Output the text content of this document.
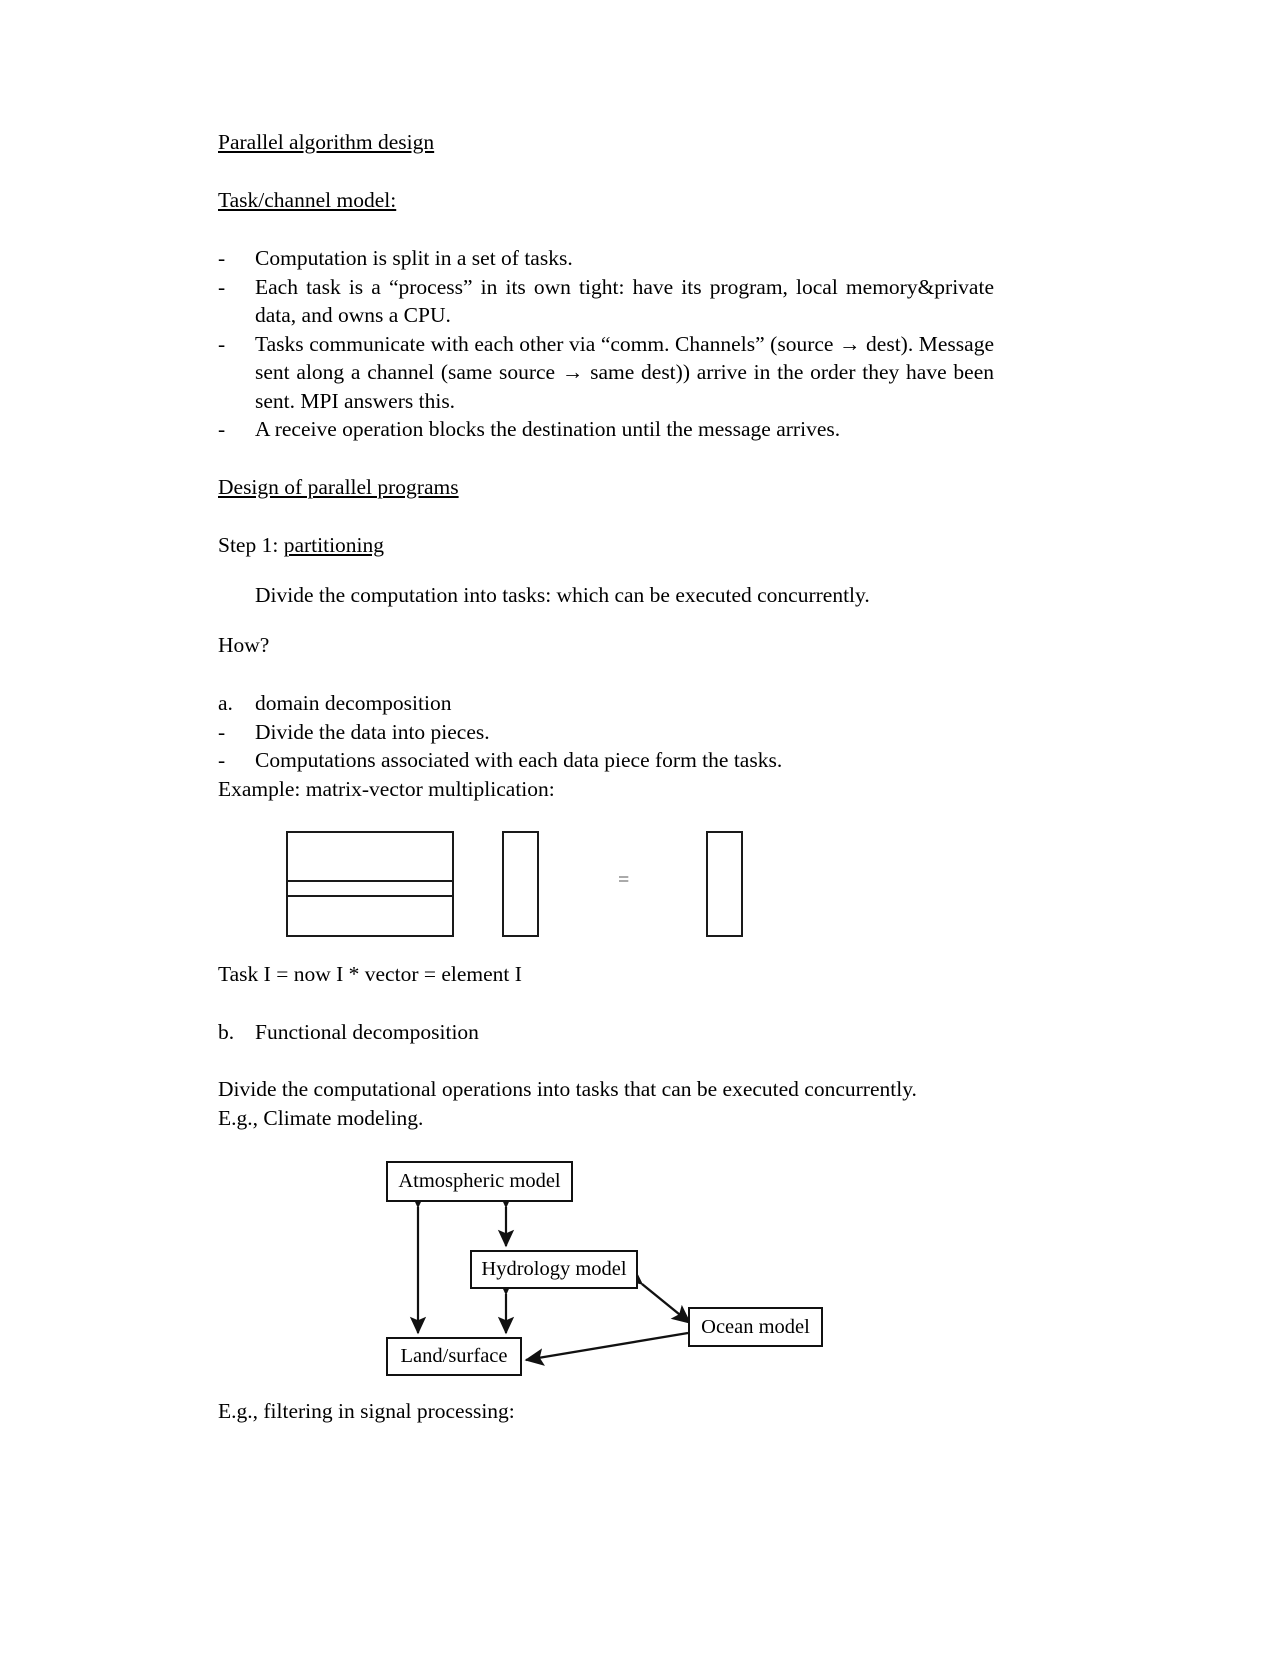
Parallel algorithm design
Task/channel model:
- Computation is split in a set of tasks.
- Each task is a “process” in its own tight: have its program, local memory&private data, and owns a CPU.
- Tasks communicate with each other via “comm. Channels” (source → dest). Message sent along a channel (same source → same dest)) arrive in the order they have been sent. MPI answers this.
- A receive operation blocks the destination until the message arrives.
Design of parallel programs

Step 1: partitioning

Divide the computation into tasks: which can be executed concurrently.

How?

a. domain decomposition
- Divide the data into pieces.
- Computations associated with each data piece form the tasks.

Example: matrix-vector multiplication:

=

Task I = now I * vector = element I

b. Functional decomposition

Divide the computational operations into tasks that can be executed concurrently.

E.g., Climate modeling.

Atmospheric model
Hydrology model
Land/surface
Ocean model

E.g., filtering in signal processing:
